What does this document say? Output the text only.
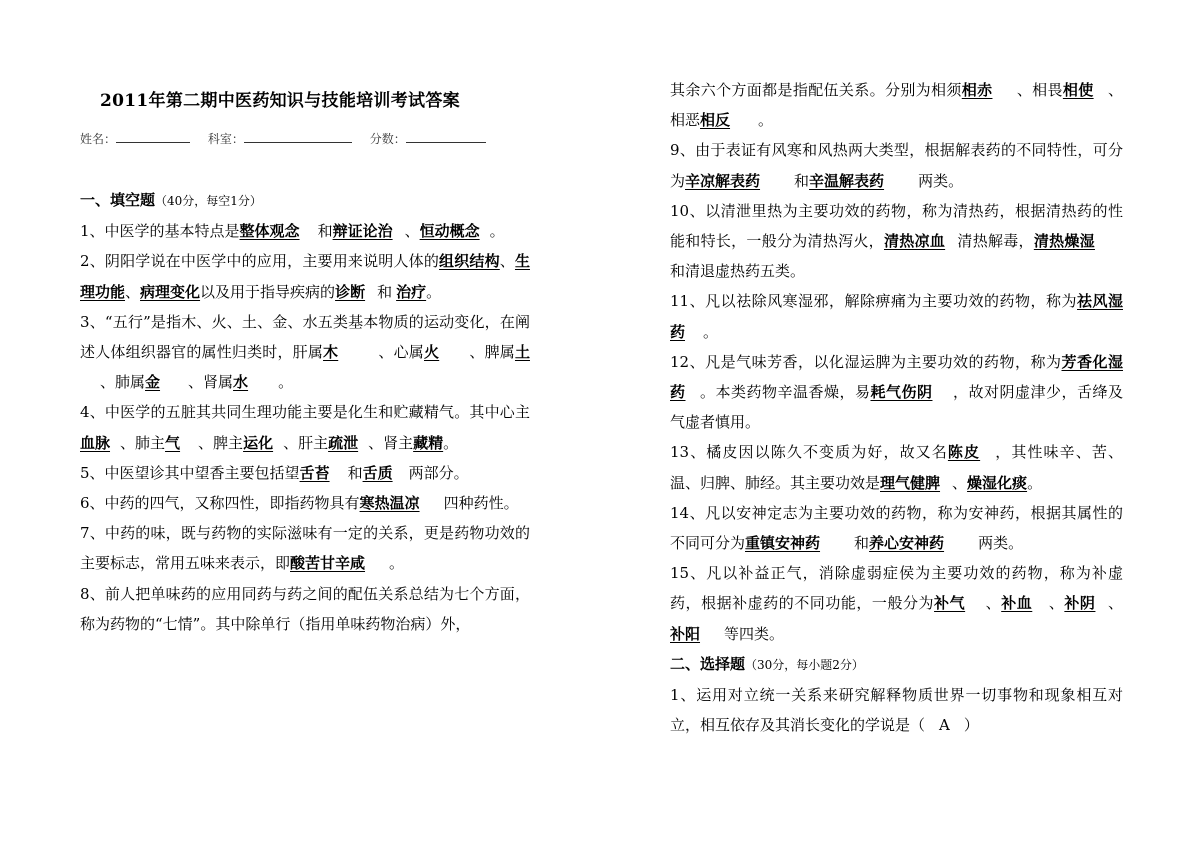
2011年第二期中医药知识与技能培训考试答案
姓名：	科室：	分数：

一、填空题（40分，每空1分）

1、中医学的基本特点是整体观念 和辩证论治 、恒动概念 。

2、阴阳学说在中医学中的应用，主要用来说明人体的组织结构、生理功能、病理变化以及用于指导疾病的诊断 和 治疗。

3、“五行”是指木、火、土、金、水五类基本物质的运动变化，在阐述人体组织器官的属性归类时，肝属木	、心属火 、脾属土、肺属金 、肾属水 。

4、中医学的五脏其共同生理功能主要是化生和贮藏精气。其中心主血脉 、肺主气 、脾主运化 、肝主疏泄 、肾主藏精。

5、中医望诊其中望香主要包括望舌苔 和舌质 两部分。

6、中药的四气，又称四性，即指药物具有寒热温凉 四种药性。

7、中药的味，既与药物的实际滋味有一定的关系，更是药物功效的主要标志，常用五味来表示，即酸苦甘辛咸 。

8、前人把单味药的应用同药与药之间的配伍关系总结为七个方面，称为药物的“七情”。其中除单行（指用单味药物治病）外，

其余六个方面都是指配伍关系。分别为相须相赤 、相畏相使 、相恶相反 。

9、由于表证有风寒和风热两大类型，根据解表药的不同特性，可分为辛凉解表药 和辛温解表药 两类。

10、以清泄里热为主要功效的药物，称为清热药，根据清热药的性能和特长，一般分为清热泻火，清热凉血 清热解毒，清热燥湿和清退虚热药五类。

11、凡以祛除风寒湿邪，解除痹痛为主要功效的药物，称为祛风湿药 。

12、凡是气味芳香，以化湿运脾为主要功效的药物，称为芳香化湿药 。本类药物辛温香燥，易耗气伤阴 ，故对阴虚津少，舌绛及气虚者慎用。

13、橘皮因以陈久不变质为好，故又名陈皮 ，其性味辛、苦、温、归脾、肺经。其主要功效是理气健脾 、燥湿化痰。

14、凡以安神定志为主要功效的药物，称为安神药，根据其属性的不同可分为重镇安神药 和养心安神药 两类。

15、凡以补益正气，消除虚弱症侯为主要功效的药物，称为补虚药，根据补虚药的不同功能，一般分为补气 、补血 、补阴 、补阳 等四类。

二、选择题（30分，每小题2分）

1、运用对立统一关系来研究解释物质世界一切事物和现象相互对立，相互依存及其消长变化的学说是（ A ）
